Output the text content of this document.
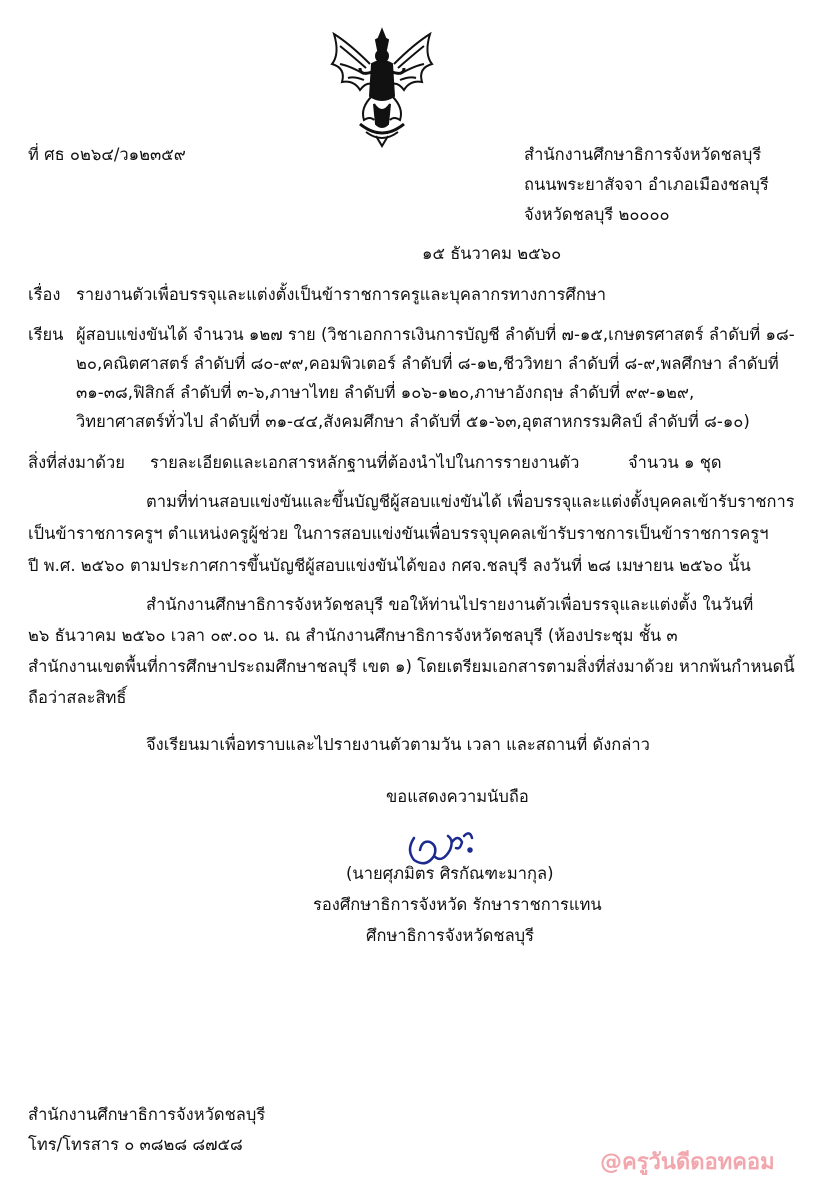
ที่ ศธ ๐๒๖๔/ว๑๒๓๕๙	สำนักงานศึกษาธิการจังหวัดชลบุรี
ถนนพระยาสัจจา อำเภอเมืองชลบุรี
จังหวัดชลบุรี ๒๐๐๐๐
๑๕ ธันวาคม ๒๕๖๐
เรื่อง รายงานตัวเพื่อบรรจุและแต่งตั้งเป็นข้าราชการครูและบุคลากรทางการศึกษา
เรียน ผู้สอบแข่งขันได้ จำนวน ๑๒๗ ราย (วิชาเอกการเงินการบัญชี ลำดับที่ ๗-๑๕,เกษตรศาสตร์ ลำดับที่ ๑๘-
๒๐,คณิตศาสตร์ ลำดับที่ ๘๐-๙๙,คอมพิวเตอร์ ลำดับที่ ๘-๑๒,ชีววิทยา ลำดับที่ ๘-๙,พลศึกษา ลำดับที่
๓๑-๓๘,ฟิสิกส์ ลำดับที่ ๓-๖,ภาษาไทย ลำดับที่ ๑๐๖-๑๒๐,ภาษาอังกฤษ ลำดับที่ ๙๙-๑๒๙,
วิทยาศาสตร์ทั่วไป ลำดับที่ ๓๑-๔๔,สังคมศึกษา ลำดับที่ ๕๑-๖๓,อุตสาหกรรมศิลป์ ลำดับที่ ๘-๑๐)
สิ่งที่ส่งมาด้วย รายละเอียดและเอกสารหลักฐานที่ต้องนำไปในการรายงานตัว	จำนวน ๑ ชุด
ตามที่ท่านสอบแข่งขันและขึ้นบัญชีผู้สอบแข่งขันได้ เพื่อบรรจุและแต่งตั้งบุคคลเข้ารับราชการ
เป็นข้าราชการครูฯ ตำแหน่งครูผู้ช่วย ในการสอบแข่งขันเพื่อบรรจุบุคคลเข้ารับราชการเป็นข้าราชการครูฯ
ปี พ.ศ. ๒๕๖๐ ตามประกาศการขึ้นบัญชีผู้สอบแข่งขันได้ของ กศจ.ชลบุรี ลงวันที่ ๒๘ เมษายน ๒๕๖๐ นั้น
สำนักงานศึกษาธิการจังหวัดชลบุรี ขอให้ท่านไปรายงานตัวเพื่อบรรจุและแต่งตั้ง ในวันที่
๒๖ ธันวาคม ๒๕๖๐ เวลา ๐๙.๐๐ น. ณ สำนักงานศึกษาธิการจังหวัดชลบุรี (ห้องประชุม ชั้น ๓
สำนักงานเขตพื้นที่การศึกษาประถมศึกษาชลบุรี เขต ๑) โดยเตรียมเอกสารตามสิ่งที่ส่งมาด้วย หากพ้นกำหนดนี้
ถือว่าสละสิทธิ์
จึงเรียนมาเพื่อทราบและไปรายงานตัวตามวัน เวลา และสถานที่ ดังกล่าว
ขอแสดงความนับถือ
(นายศุภมิตร ศิรกัณฑะมากุล)
รองศึกษาธิการจังหวัด รักษาราชการแทน
ศึกษาธิการจังหวัดชลบุรี
สำนักงานศึกษาธิการจังหวัดชลบุรี
โทร/โทรสาร ๐ ๓๘๒๘ ๘๗๕๘
@ครูวันดีดอทคอม
